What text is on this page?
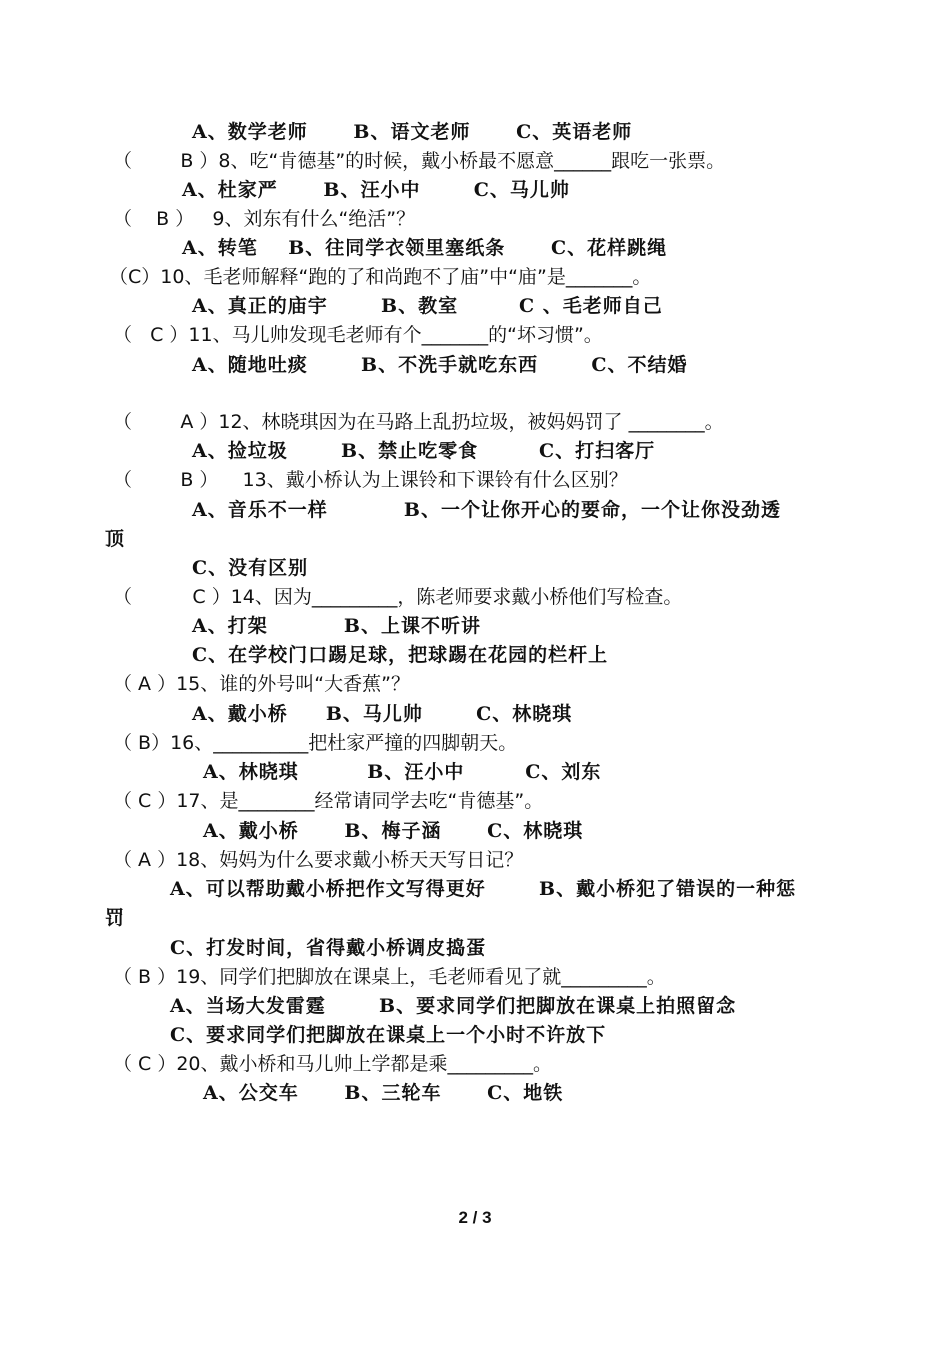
A、数学老师      B、语文老师      C、英语老师
（        B ）8、吃“肯德基”的时候，戴小桥最不愿意______跟吃一张票。
A、杜家严      B、汪小中       C、马儿帅
（    B ）   9、刘东有什么“绝活”？
A、转笔    B、往同学衣领里塞纸条      C、花样跳绳
（C）10、毛老师解释“跑的了和尚跑不了庙”中“庙”是_______。
A、真正的庙宇       B、教室        C 、毛老师自己
（   C ）11、马儿帅发现毛老师有个_______的“坏习惯”。
A、随地吐痰       B、不洗手就吃东西       C、不结婚
（        A ）12、林晓琪因为在马路上乱扔垃圾，被妈妈罚了 ________。
A、捡垃圾       B、禁止吃零食        C、打扫客厅
（        B ）    13、戴小桥认为上课铃和下课铃有什么区别？
A、音乐不一样          B、一个让你开心的要命，一个让你没劲透
顶
C、没有区别
（          C ）14、因为_________，陈老师要求戴小桥他们写检查。
A、打架          B、上课不听讲
C、在学校门口踢足球，把球踢在花园的栏杆上
（ A ）15、谁的外号叫“大香蕉”？
A、戴小桥     B、马儿帅       C、林晓琪
（ B）16、__________把杜家严撞的四脚朝天。
A、林晓琪         B、汪小中        C、刘东
（ C ）17、是________经常请同学去吃“肯德基”。
A、戴小桥      B、梅子涵      C、林晓琪
（ A ）18、妈妈为什么要求戴小桥天天写日记？
A、可以帮助戴小桥把作文写得更好       B、戴小桥犯了错误的一种惩
罚
C、打发时间，省得戴小桥调皮捣蛋
（ B ）19、同学们把脚放在课桌上，毛老师看见了就_________。
A、当场大发雷霆       B、要求同学们把脚放在课桌上拍照留念
C、要求同学们把脚放在课桌上一个小时不许放下
（ C ）20、戴小桥和马儿帅上学都是乘_________。
A、公交车      B、三轮车      C、地铁
2 / 3
